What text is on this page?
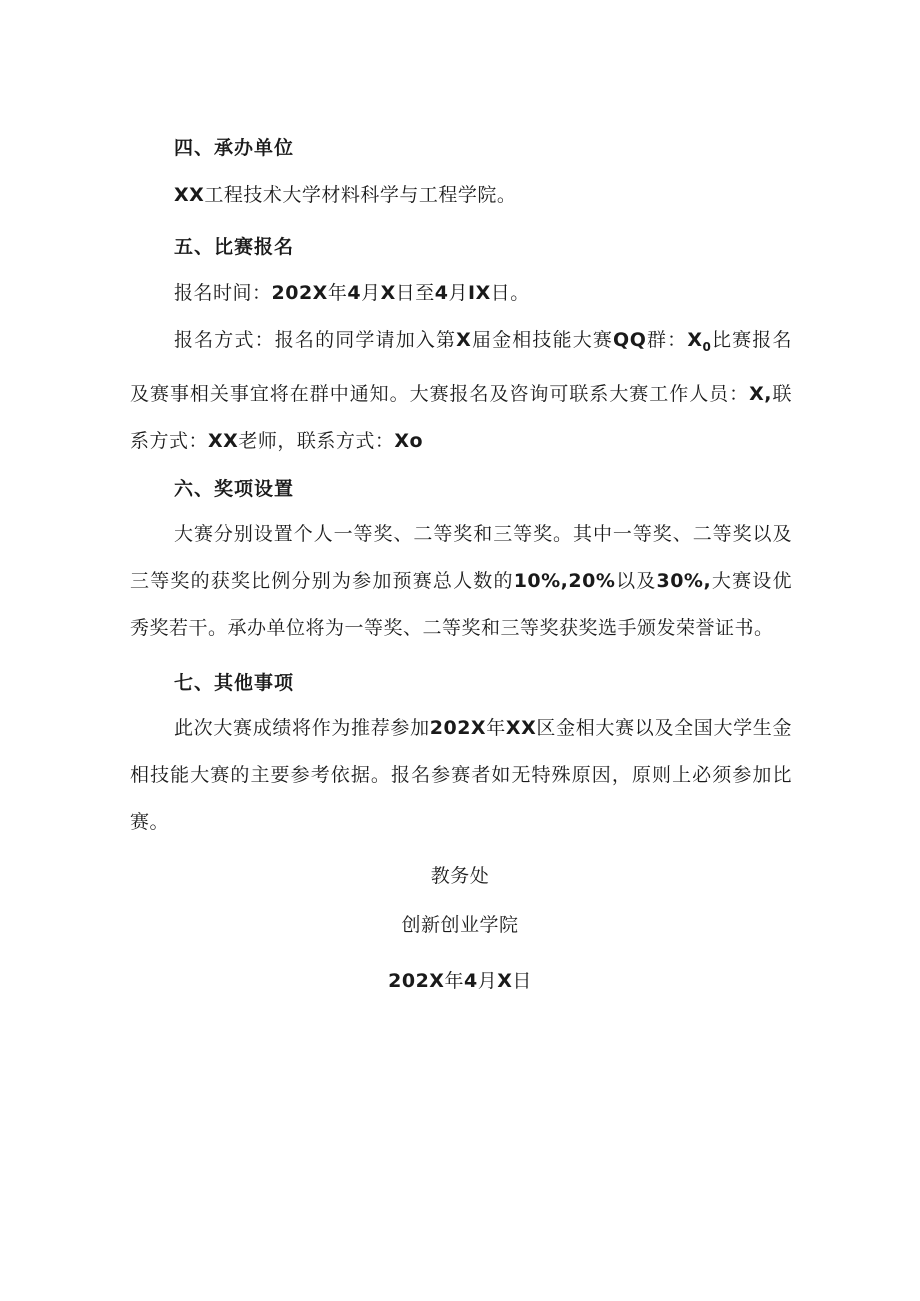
四、承办单位
XX工程技术大学材料科学与工程学院。
五、比赛报名
报名时间：202X年4月X日至4月IX日。
报名方式：报名的同学请加入第X届金相技能大赛QQ群：$X_0$比赛报名及赛事相关事宜将在群中通知。大赛报名及咨询可联系大赛工作人员：X,联系方式：XX老师，联系方式：Xo
六、奖项设置
大赛分别设置个人一等奖、二等奖和三等奖。其中一等奖、二等奖以及三等奖的获奖比例分别为参加预赛总人数的10%,20%以及30%,大赛设优秀奖若干。承办单位将为一等奖、二等奖和三等奖获奖选手颁发荣誉证书。
七、其他事项
此次大赛成绩将作为推荐参加202X年XX区金相大赛以及全国大学生金相技能大赛的主要参考依据。报名参赛者如无特殊原因，原则上必须参加比赛。
教务处
创新创业学院
202X年4月X日
